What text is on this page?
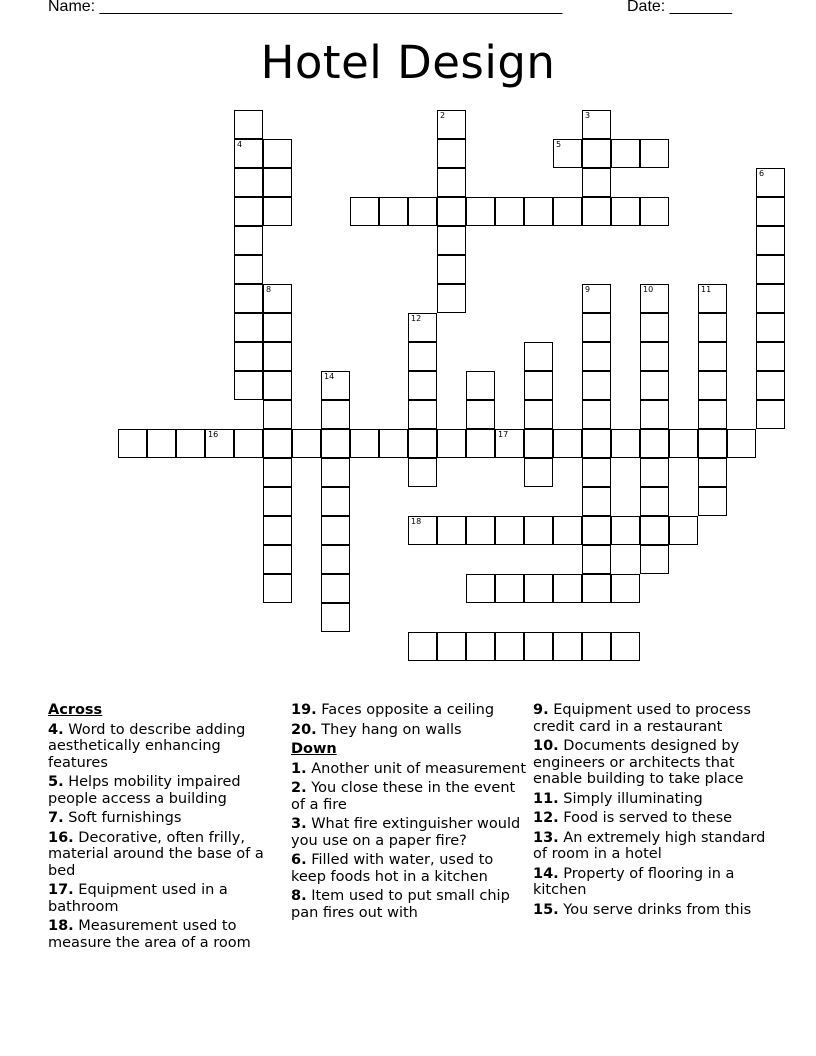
Name: ____________________________________________________	Date: _______
Hotel Design
2	3
4	5
6
8	9	10	11
12
14
16	17
18
Across
4. Word to describe adding aesthetically enhancing features
5. Helps mobility impaired people access a building
7. Soft furnishings
16. Decorative, often frilly, material around the base of a bed
17. Equipment used in a bathroom
18. Measurement used to measure the area of a room
19. Faces opposite a ceiling
20. They hang on walls
Down
1. Another unit of measurement
2. You close these in the event of a fire
3. What fire extinguisher would you use on a paper fire?
6. Filled with water, used to keep foods hot in a kitchen
8. Item used to put small chip pan fires out with
9. Equipment used to process credit card in a restaurant
10. Documents designed by engineers or architects that enable building to take place
11. Simply illuminating
12. Food is served to these
13. An extremely high standard of room in a hotel
14. Property of flooring in a kitchen
15. You serve drinks from this
